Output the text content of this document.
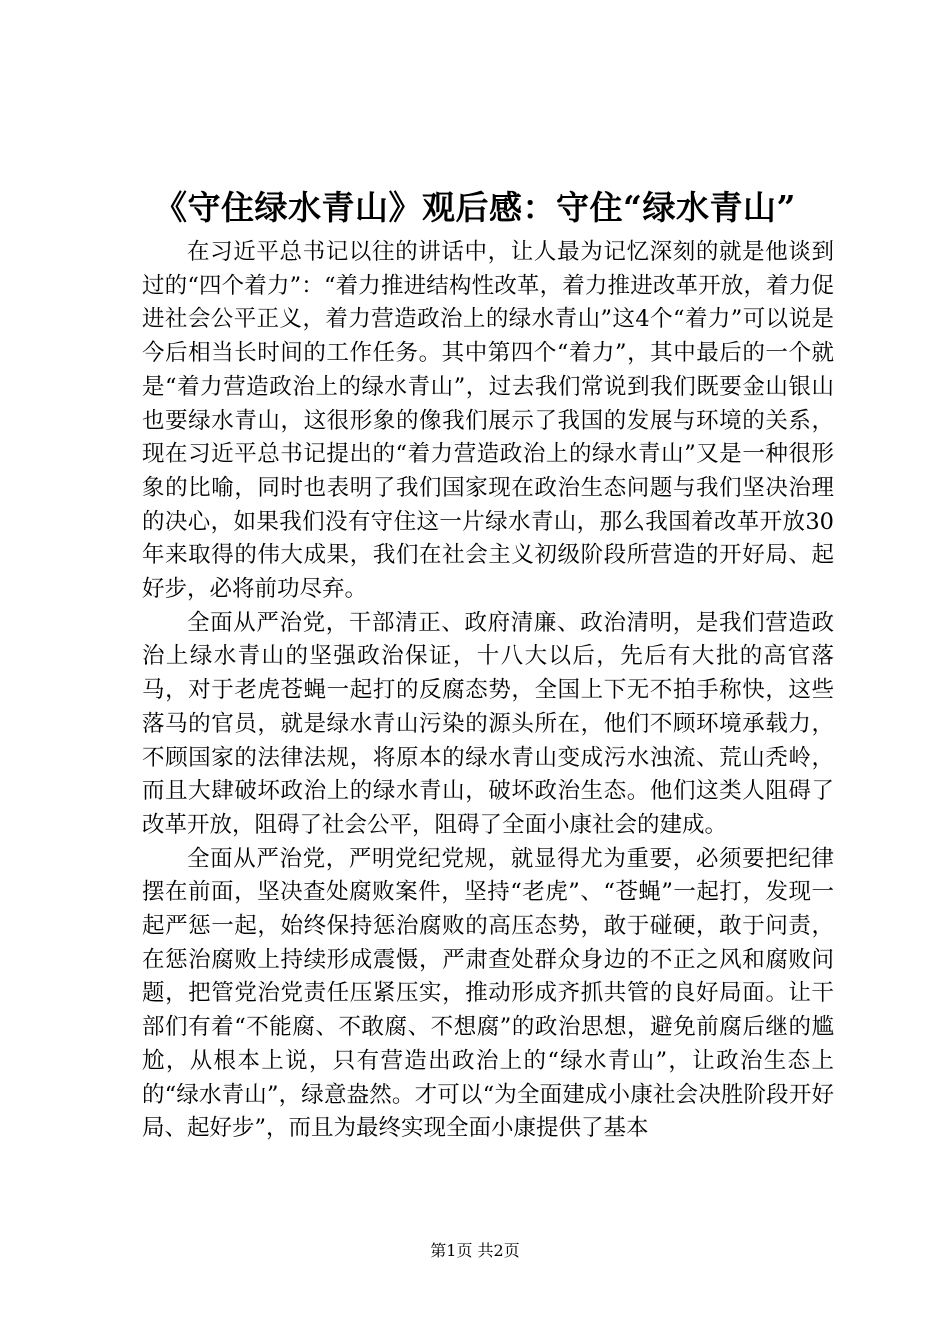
《守住绿水青山》观后感：守住“绿水青山”

在习近平总书记以往的讲话中，让人最为记忆深刻的就是他谈到过的“四个着力”：“着力推进结构性改革，着力推进改革开放，着力促进社会公平正义，着力营造政治上的绿水青山”这4个“着力”可以说是今后相当长时间的工作任务。其中第四个“着力”，其中最后的一个就是“着力营造政治上的绿水青山”，过去我们常说到我们既要金山银山也要绿水青山，这很形象的像我们展示了我国的发展与环境的关系，现在习近平总书记提出的“着力营造政治上的绿水青山”又是一种很形象的比喻，同时也表明了我们国家现在政治生态问题与我们坚决治理的决心，如果我们没有守住这一片绿水青山，那么我国着改革开放30年来取得的伟大成果，我们在社会主义初级阶段所营造的开好局、起好步，必将前功尽弃。

全面从严治党，干部清正、政府清廉、政治清明，是我们营造政治上绿水青山的坚强政治保证，十八大以后，先后有大批的高官落马，对于老虎苍蝇一起打的反腐态势，全国上下无不拍手称快，这些落马的官员，就是绿水青山污染的源头所在，他们不顾环境承载力，不顾国家的法律法规，将原本的绿水青山变成污水浊流、荒山秃岭，而且大肆破坏政治上的绿水青山，破坏政治生态。他们这类人阻碍了改革开放，阻碍了社会公平，阻碍了全面小康社会的建成。

全面从严治党，严明党纪党规，就显得尤为重要，必须要把纪律摆在前面，坚决查处腐败案件，坚持“老虎”、“苍蝇”一起打，发现一起严惩一起，始终保持惩治腐败的高压态势，敢于碰硬，敢于问责，在惩治腐败上持续形成震慑，严肃查处群众身边的不正之风和腐败问题，把管党治党责任压紧压实，推动形成齐抓共管的良好局面。让干部们有着“不能腐、不敢腐、不想腐”的政治思想，避免前腐后继的尴尬，从根本上说，只有营造出政治上的“绿水青山”，让政治生态上的“绿水青山”，绿意盎然。才可以“为全面建成小康社会决胜阶段开好局、起好步”，而且为最终实现全面小康提供了基本

第1页 共2页
